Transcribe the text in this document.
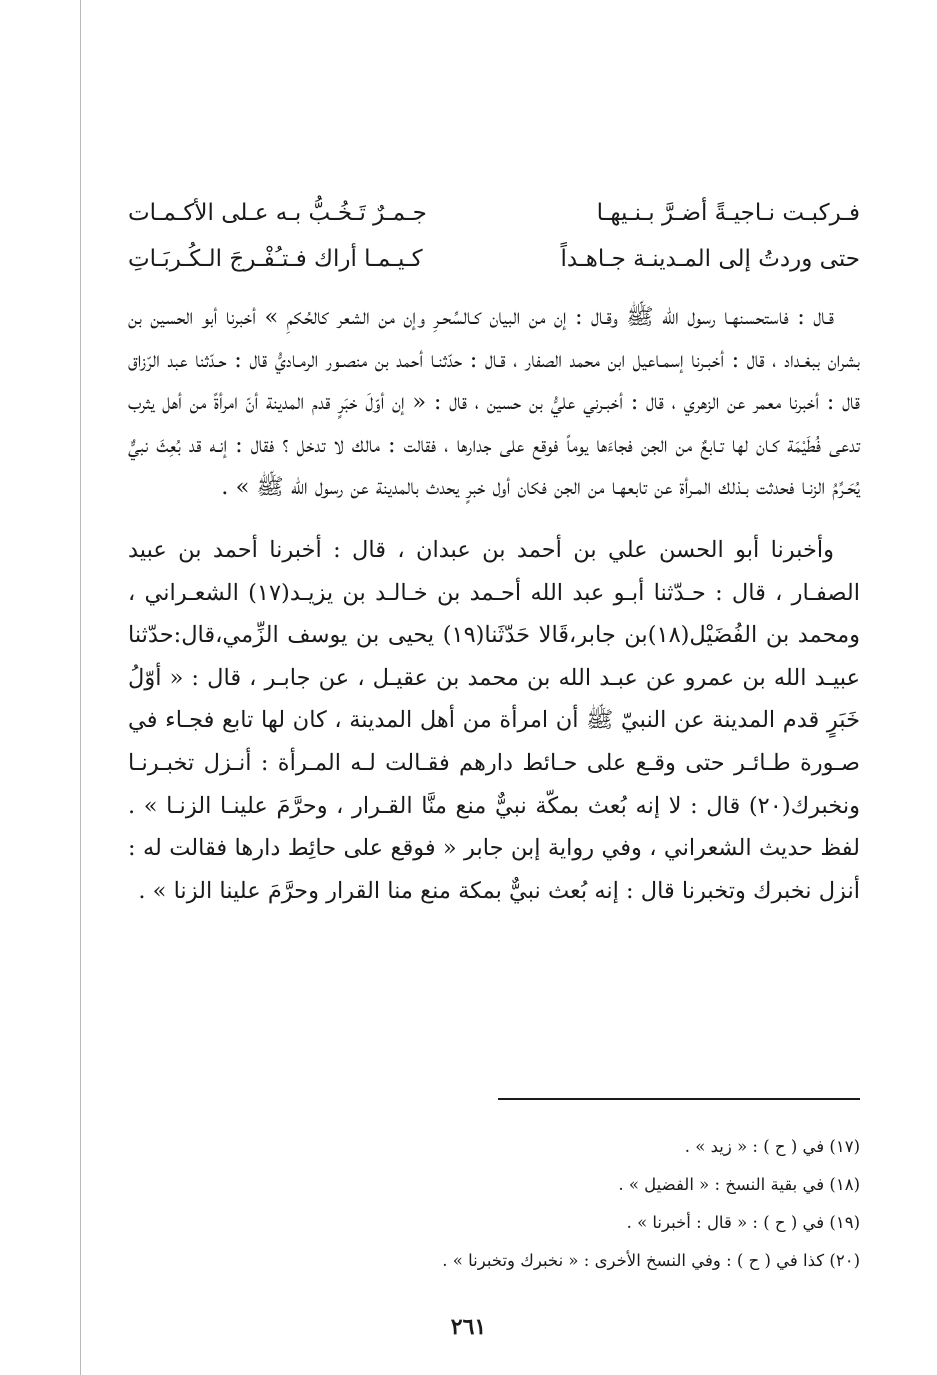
فـركبـت نـاجيـةً أضـرَّ بـنـيهـا
جـمـرٌ تَـخُـبُّ بـه عـلى الأكـمـات
حتى وردتُ إلى المـدينـة جـاهـداً
كـيـمـا أراك فـتـُفْـرجَ الـكُـربَـاتِ

قـال : فاستحسنهـا رسول الله ﷺ وقـال : إن من البيان كـالسِّحـرِ وإن من الشعر كالحُكمِ » أخبرنا أبو الحسين بن بشران ببغـداد ، قال : أخبـرنا إسمـاعيل ابن محمد الصفار ، قـال : حدّثنـا أحمد بن منصـور الرمـاديُّ قال : حـدّثنا عبد الرّزاق قال : أخبرنا معمر عن الزهري ، قال : أخبـرني عليُّ بن حسين ، قال : « إن أوّلَ خبَرٍ قدم المدينة أنّ امرأةً من أهل يثرب تدعى فُطَيْمَة كـان لها تـابعٌ من الجن فجاءَها يوماً فوقع على جدارها ، فقالت : مالك لا تدخل ؟ فقال : إنـه قد بُعِثَ نبيٌّ يُحَـرِّمُ الزنـا فحدثت بـذلك المـرأة عن تابعهـا من الجن فكان أول خبرٍ يحدث بالمدينة عن رسول الله ﷺ » .

وأخبرنا أبو الحسن علي بن أحمد بن عبدان ، قال : أخبرنا أحمد بن عبيد الصفـار ، قال : حـدّثنا أبـو عبد الله أحـمد بن خـالـد بن يزيـد(١٧) الشعـراني ، ومحمد بن الفُضَيْل(١٨)بن جابر،قَالا حَدّثَنا(١٩) يحيى بن يوسف الزِّمي،قال:حدّثنا عبيـد الله بن عمرو عن عبـد الله بن محمد بن عقيـل ، عن جابـر ، قال : « أوّلُ خَبَرٍ قدم المدينة عن النبيّ ﷺ أن امرأة من أهل المدينة ، كان لها تابع فجـاء في صـورة طـائـر حتى وقـع على حـائط دارهم فقـالت لـه المـرأة : أنـزل تخبـرنـا ونخبرك(٢٠) قال : لا إنه بُعث بمكّة نبيٌّ منع منَّا القـرار ، وحرَّمَ علينـا الزنـا » . لفظ حديث الشعراني ، وفي رواية إبن جابر « فوقع على حائِط دارها فقالت له : أنزل نخبرك وتخبرنا قال : إنه بُعث نبيٌّ بمكة منع منا القرار وحرَّمَ علينا الزنا » .

(١٧) في ( ح ) : « زيد » .
(١٨) في بقية النسخ : « الفضيل » .
(١٩) في ( ح ) : « قال : أخبرنا » .
(٢٠) كذا في ( ح ) : وفي النسخ الأخرى : « نخبرك وتخبرنا » .
٢٦١
